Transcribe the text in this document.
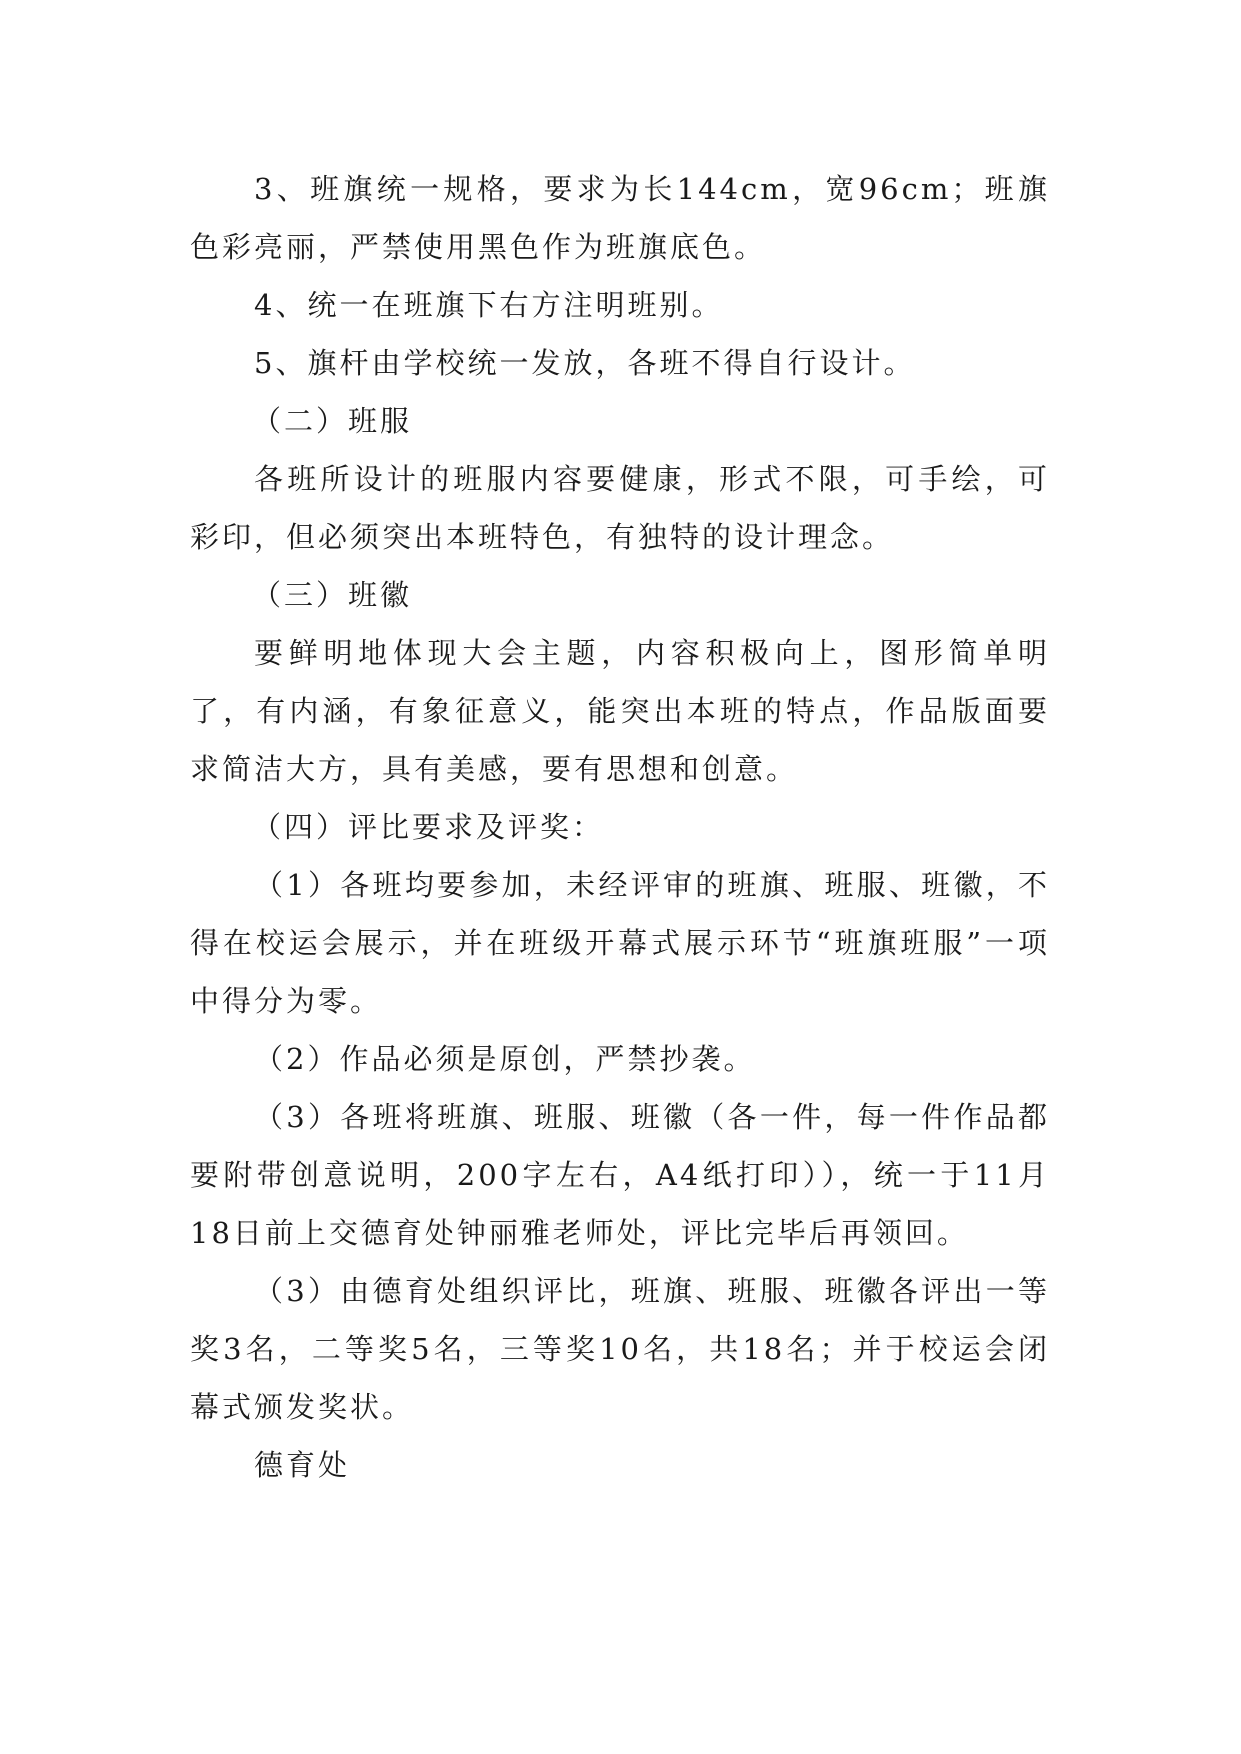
3、班旗统一规格，要求为长144cm，宽96cm；班旗色彩亮丽，严禁使用黑色作为班旗底色。

4、统一在班旗下右方注明班别。

5、旗杆由学校统一发放，各班不得自行设计。

（二）班服

各班所设计的班服内容要健康，形式不限，可手绘，可彩印，但必须突出本班特色，有独特的设计理念。

（三）班徽

要鲜明地体现大会主题，内容积极向上，图形简单明了，有内涵，有象征意义，能突出本班的特点，作品版面要求简洁大方，具有美感，要有思想和创意。

（四）评比要求及评奖：

（1）各班均要参加，未经评审的班旗、班服、班徽，不得在校运会展示，并在班级开幕式展示环节“班旗班服”一项中得分为零。

（2）作品必须是原创，严禁抄袭。

（3）各班将班旗、班服、班徽（各一件，每一件作品都要附带创意说明，200字左右，A4纸打印）），统一于11月18日前上交德育处钟丽雅老师处，评比完毕后再领回。

（3）由德育处组织评比，班旗、班服、班徽各评出一等奖3名，二等奖5名，三等奖10名，共18名；并于校运会闭幕式颁发奖状。

德育处
